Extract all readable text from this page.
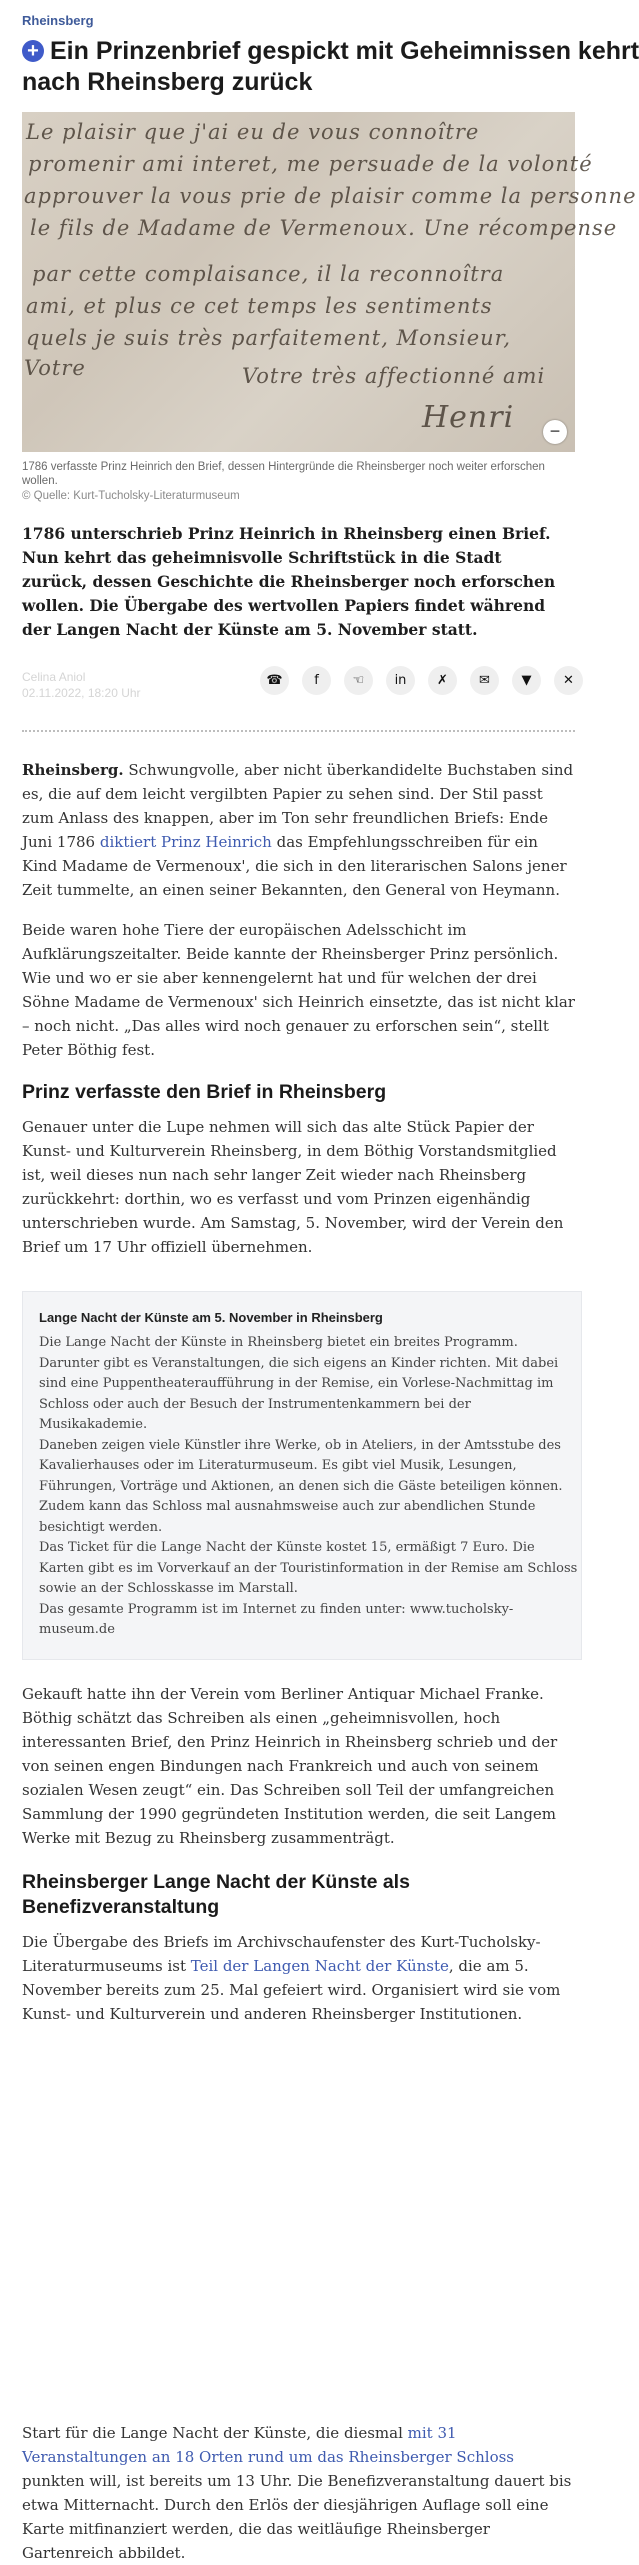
Rheinsberg
+ Ein Prinzenbrief gespickt mit Geheimnissen kehrt
nach Rheinsberg zurück
Le plaisir que j'ai eu de vous connoître
promenir ami interet, me persuade de la volonté
approuver la vous prie de plaisir comme la personne
le fils de Madame de Vermenoux. Une récompense
par cette complaisance, il la reconnoîtra
ami, et plus ce cet temps les sentiments
quels je suis très parfaitement, Monsieur,
Votre	Votre très affectionné ami
Henri	−
1786 verfasste Prinz Heinrich den Brief, dessen Hintergründe die Rheinsberger noch weiter erforschen wollen.
© Quelle: Kurt-Tucholsky-Literaturmuseum
1786 unterschrieb Prinz Heinrich in Rheinsberg einen Brief. Nun kehrt das geheimnisvolle Schriftstück in die Stadt zurück, dessen Geschichte die Rheinsberger noch erforschen wollen. Die Übergabe des wertvollen Papiers findet während der Langen Nacht der Künste am 5. November statt.
Celina Aniol
02.11.2022, 18:20 Uhr
☎	f	☜	in	✗	✉	▼	✕

Rheinsberg. Schwungvolle, aber nicht überkandidelte Buchstaben sind es, die auf dem leicht vergilbten Papier zu sehen sind. Der Stil passt zum Anlass des knappen, aber im Ton sehr freundlichen Briefs: Ende Juni 1786 diktiert Prinz Heinrich das Empfehlungsschreiben für ein Kind Madame de Vermenoux', die sich in den literarischen Salons jener Zeit tummelte, an einen seiner Bekannten, den General von Heymann.

Beide waren hohe Tiere der europäischen Adelsschicht im Aufklärungszeitalter. Beide kannte der Rheinsberger Prinz persönlich. Wie und wo er sie aber kennengelernt hat und für welchen der drei Söhne Madame de Vermenoux' sich Heinrich einsetzte, das ist nicht klar – noch nicht. „Das alles wird noch genauer zu erforschen sein“, stellt Peter Böthig fest.

Prinz verfasste den Brief in Rheinsberg

Genauer unter die Lupe nehmen will sich das alte Stück Papier der Kunst- und Kulturverein Rheinsberg, in dem Böthig Vorstandsmitglied ist, weil dieses nun nach sehr langer Zeit wieder nach Rheinsberg zurückkehrt: dorthin, wo es verfasst und vom Prinzen eigenhändig unterschrieben wurde. Am Samstag, 5. November, wird der Verein den Brief um 17 Uhr offiziell übernehmen.

Lange Nacht der Künste am 5. November in Rheinsberg
Die Lange Nacht der Künste in Rheinsberg bietet ein breites Programm. Darunter gibt es Veranstaltungen, die sich eigens an Kinder richten. Mit dabei sind eine Puppentheateraufführung in der Remise, ein Vorlese-Nachmittag im Schloss oder auch der Besuch der Instrumentenkammern bei der Musikakademie.
Daneben zeigen viele Künstler ihre Werke, ob in Ateliers, in der Amtsstube des Kavalierhauses oder im Literaturmuseum. Es gibt viel Musik, Lesungen, Führungen, Vorträge und Aktionen, an denen sich die Gäste beteiligen können. Zudem kann das Schloss mal ausnahmsweise auch zur abendlichen Stunde besichtigt werden.
Das Ticket für die Lange Nacht der Künste kostet 15, ermäßigt 7 Euro. Die Karten gibt es im Vorverkauf an der Touristinformation in der Remise am Schloss sowie an der Schlosskasse im Marstall.
Das gesamte Programm ist im Internet zu finden unter: www.tucholsky-museum.de

Gekauft hatte ihn der Verein vom Berliner Antiquar Michael Franke. Böthig schätzt das Schreiben als einen „geheimnisvollen, hoch interessanten Brief, den Prinz Heinrich in Rheinsberg schrieb und der von seinen engen Bindungen nach Frankreich und auch von seinem sozialen Wesen zeugt“ ein. Das Schreiben soll Teil der umfangreichen Sammlung der 1990 gegründeten Institution werden, die seit Langem Werke mit Bezug zu Rheinsberg zusammenträgt.

Rheinsberger Lange Nacht der Künste als Benefizveranstaltung

Die Übergabe des Briefs im Archivschaufenster des Kurt-Tucholsky-Literaturmuseums ist Teil der Langen Nacht der Künste, die am 5. November bereits zum 25. Mal gefeiert wird. Organisiert wird sie vom Kunst- und Kulturverein und anderen Rheinsberger Institutionen.

Start für die Lange Nacht der Künste, die diesmal mit 31 Veranstaltungen an 18 Orten rund um das Rheinsberger Schloss punkten will, ist bereits um 13 Uhr. Die Benefizveranstaltung dauert bis etwa Mitternacht. Durch den Erlös der diesjährigen Auflage soll eine Karte mitfinanziert werden, die das weitläufige Rheinsberger Gartenreich abbildet.
